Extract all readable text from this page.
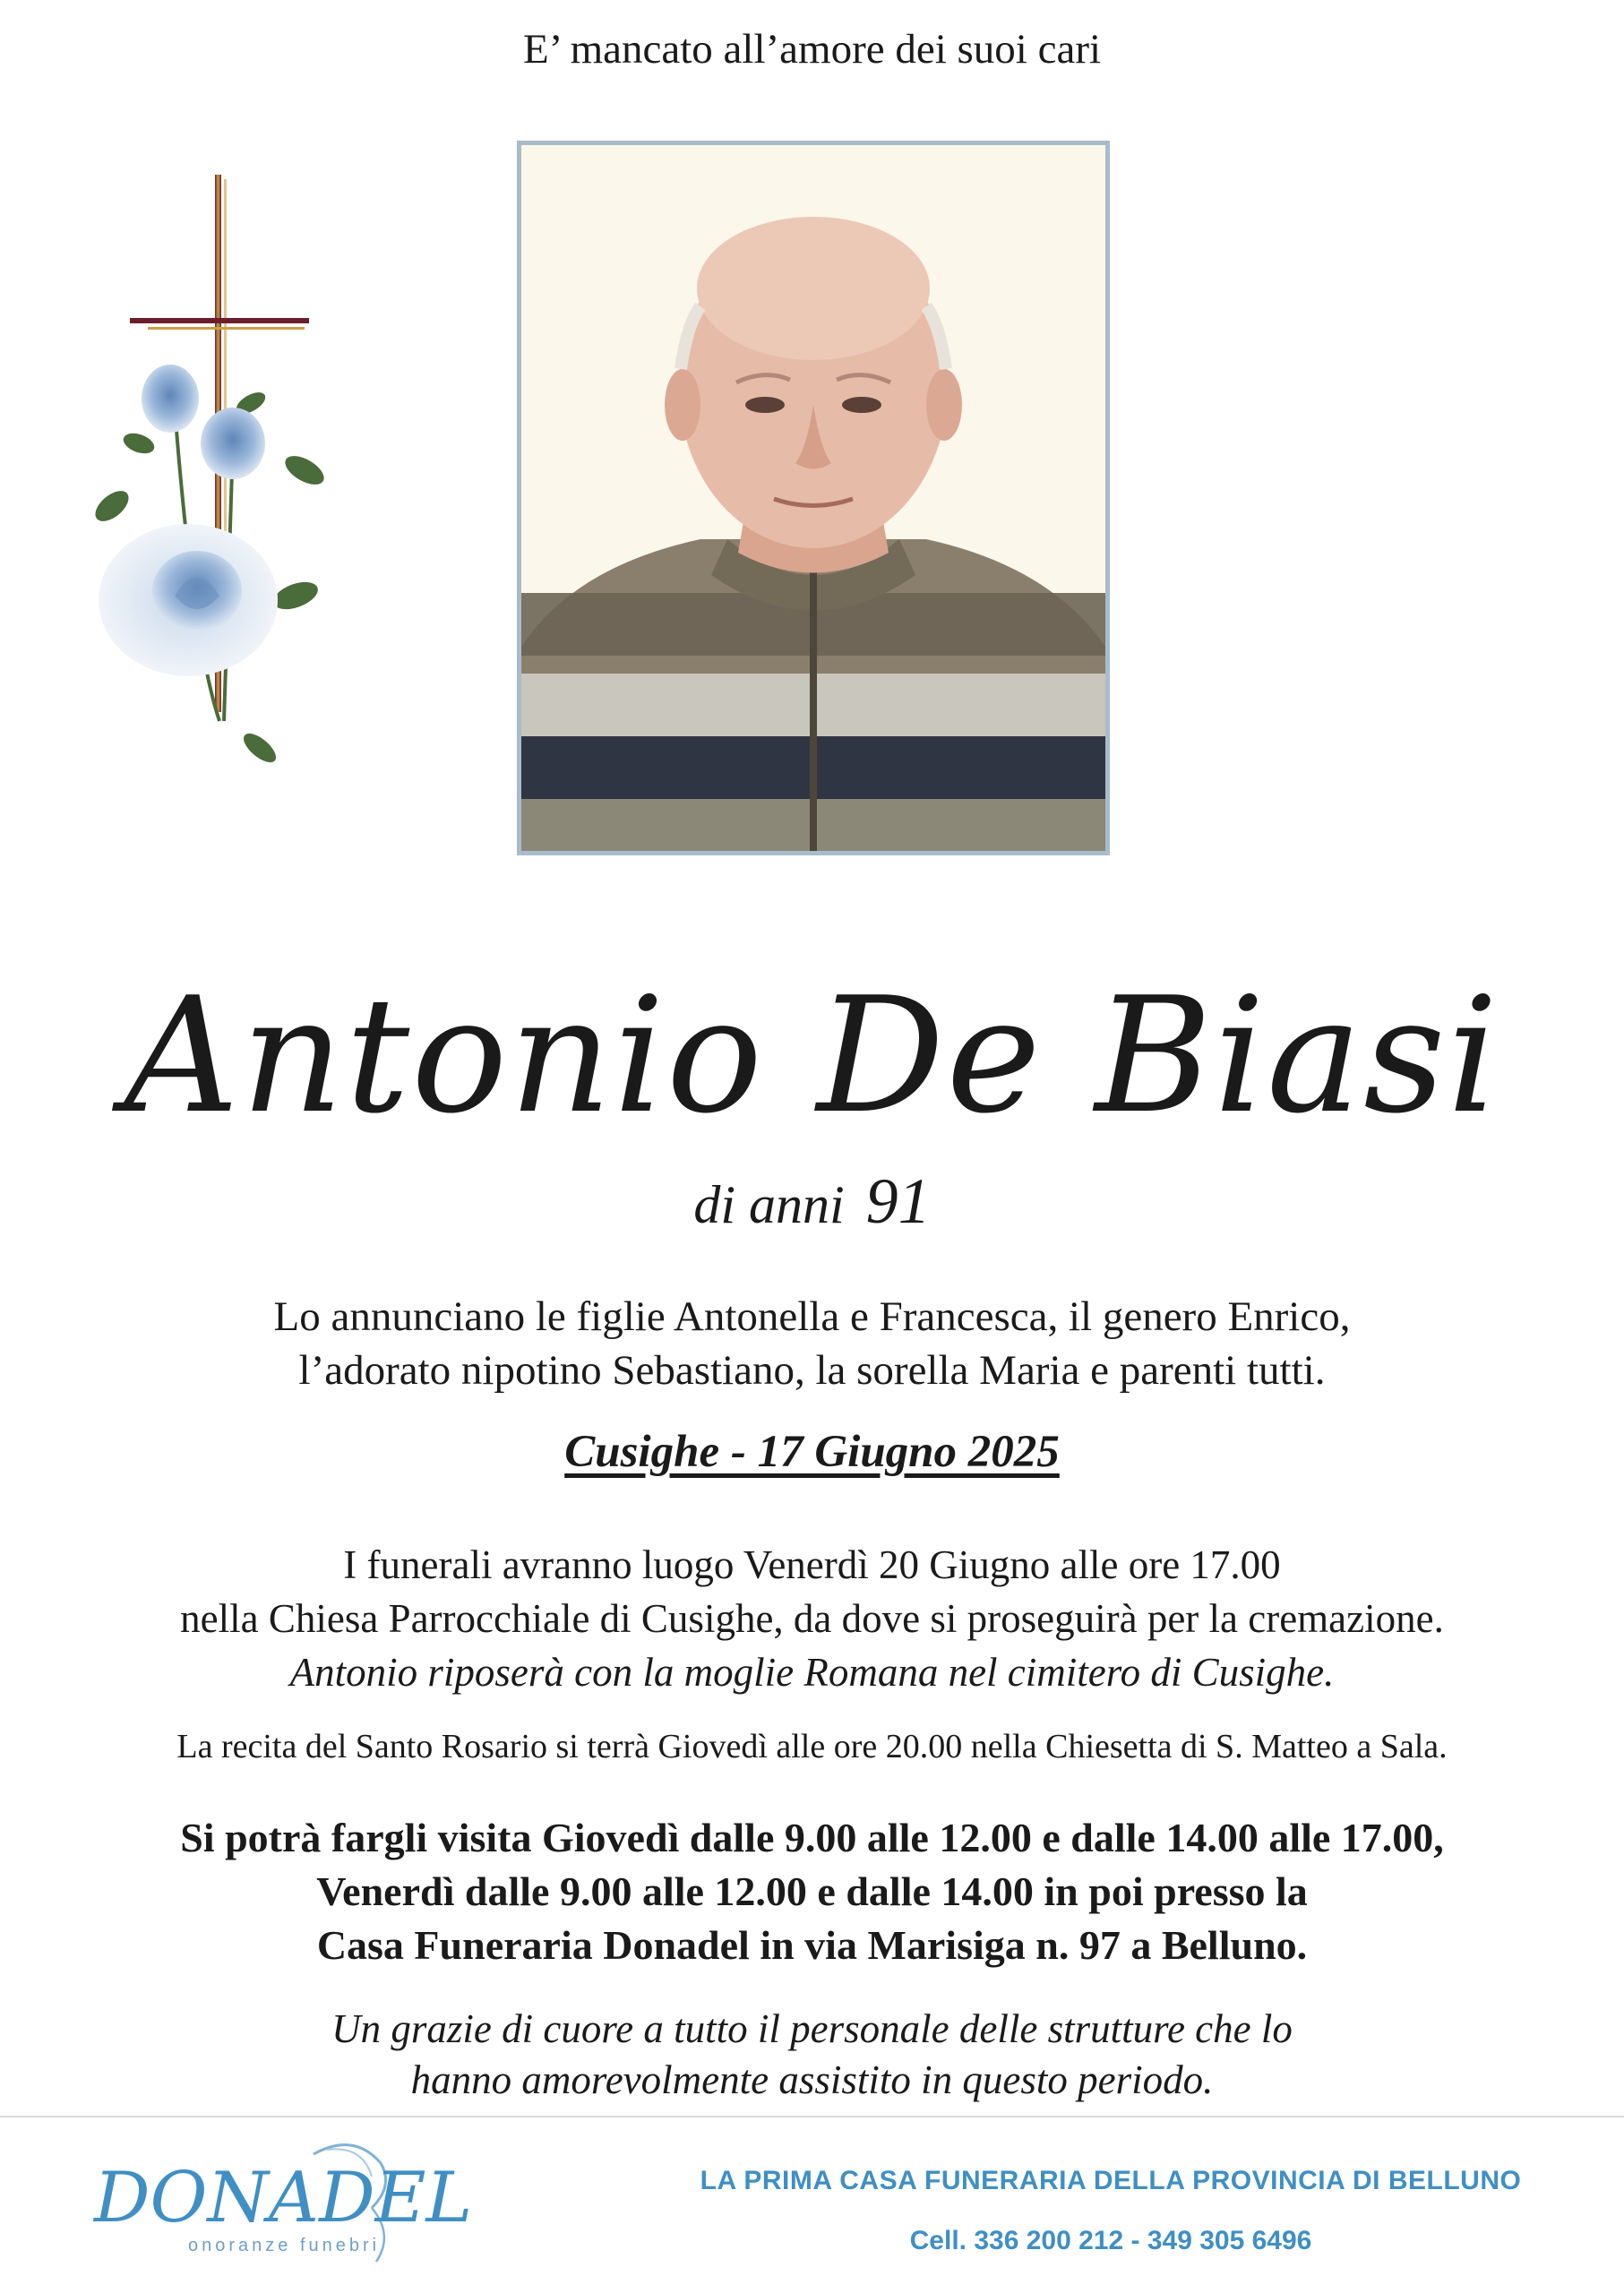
E’ mancato all’amore dei suoi cari
Antonio De Biasi
di anni 91
Lo annunciano le figlie Antonella e Francesca, il genero Enrico,
l’adorato nipotino Sebastiano, la sorella Maria e parenti tutti.
Cusighe - 17 Giugno 2025
I funerali avranno luogo Venerdì 20 Giugno alle ore 17.00
nella Chiesa Parrocchiale di Cusighe, da dove si proseguirà per la cremazione.
Antonio riposerà con la moglie Romana nel cimitero di Cusighe.
La recita del Santo Rosario si terrà Giovedì alle ore 20.00 nella Chiesetta di S. Matteo a Sala.
Si potrà fargli visita Giovedì dalle 9.00 alle 12.00 e dalle 14.00 alle 17.00,
Venerdì dalle 9.00 alle 12.00 e dalle 14.00 in poi presso la
Casa Funeraria Donadel in via Marisiga n. 97 a Belluno.
Un grazie di cuore a tutto il personale delle strutture che lo
hanno amorevolmente assistito in questo periodo.
DONADEL
onoranze funebri
LA PRIMA CASA FUNERARIA DELLA PROVINCIA DI BELLUNO
Cell. 336 200 212 - 349 305 6496
